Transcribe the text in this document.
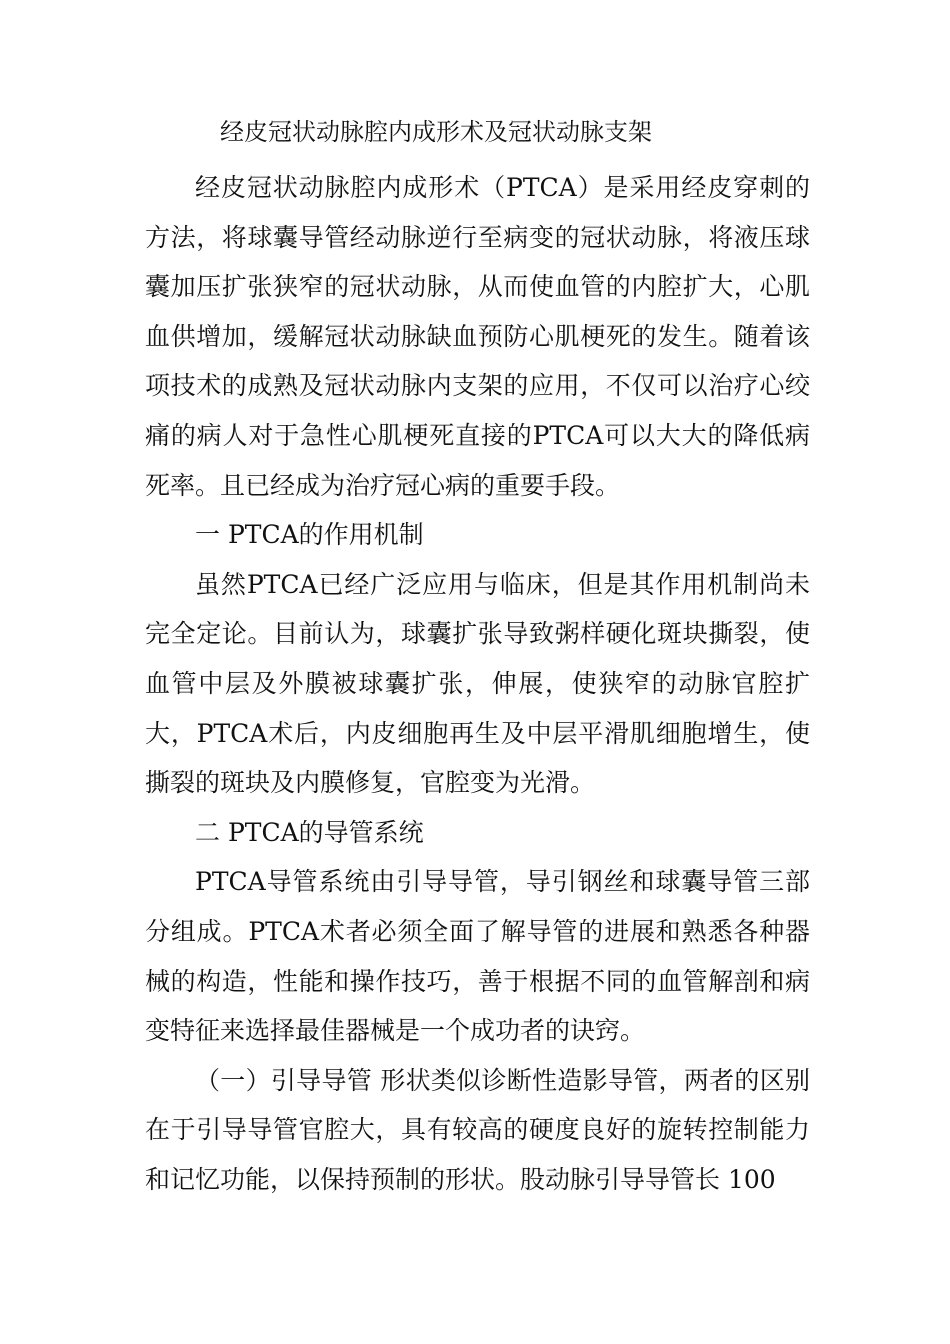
经皮冠状动脉腔内成形术及冠状动脉支架

经皮冠状动脉腔内成形术（PTCA）是采用经皮穿刺的方法，将球囊导管经动脉逆行至病变的冠状动脉，将液压球囊加压扩张狭窄的冠状动脉，从而使血管的内腔扩大，心肌血供增加，缓解冠状动脉缺血预防心肌梗死的发生。随着该项技术的成熟及冠状动脉内支架的应用，不仅可以治疗心绞痛的病人对于急性心肌梗死直接的PTCA可以大大的降低病死率。且已经成为治疗冠心病的重要手段。

一 PTCA的作用机制

虽然PTCA已经广泛应用与临床，但是其作用机制尚未完全定论。目前认为，球囊扩张导致粥样硬化斑块撕裂，使血管中层及外膜被球囊扩张，伸展，使狭窄的动脉官腔扩大，PTCA术后，内皮细胞再生及中层平滑肌细胞增生，使撕裂的斑块及内膜修复，官腔变为光滑。

二 PTCA的导管系统

PTCA导管系统由引导导管，导引钢丝和球囊导管三部分组成。PTCA术者必须全面了解导管的进展和熟悉各种器械的构造，性能和操作技巧，善于根据不同的血管解剖和病变特征来选择最佳器械是一个成功者的诀窍。

（一）引导导管 形状类似诊断性造影导管，两者的区别在于引导导管官腔大，具有较高的硬度良好的旋转控制能力和记忆功能，以保持预制的形状。股动脉引导导管长 100
